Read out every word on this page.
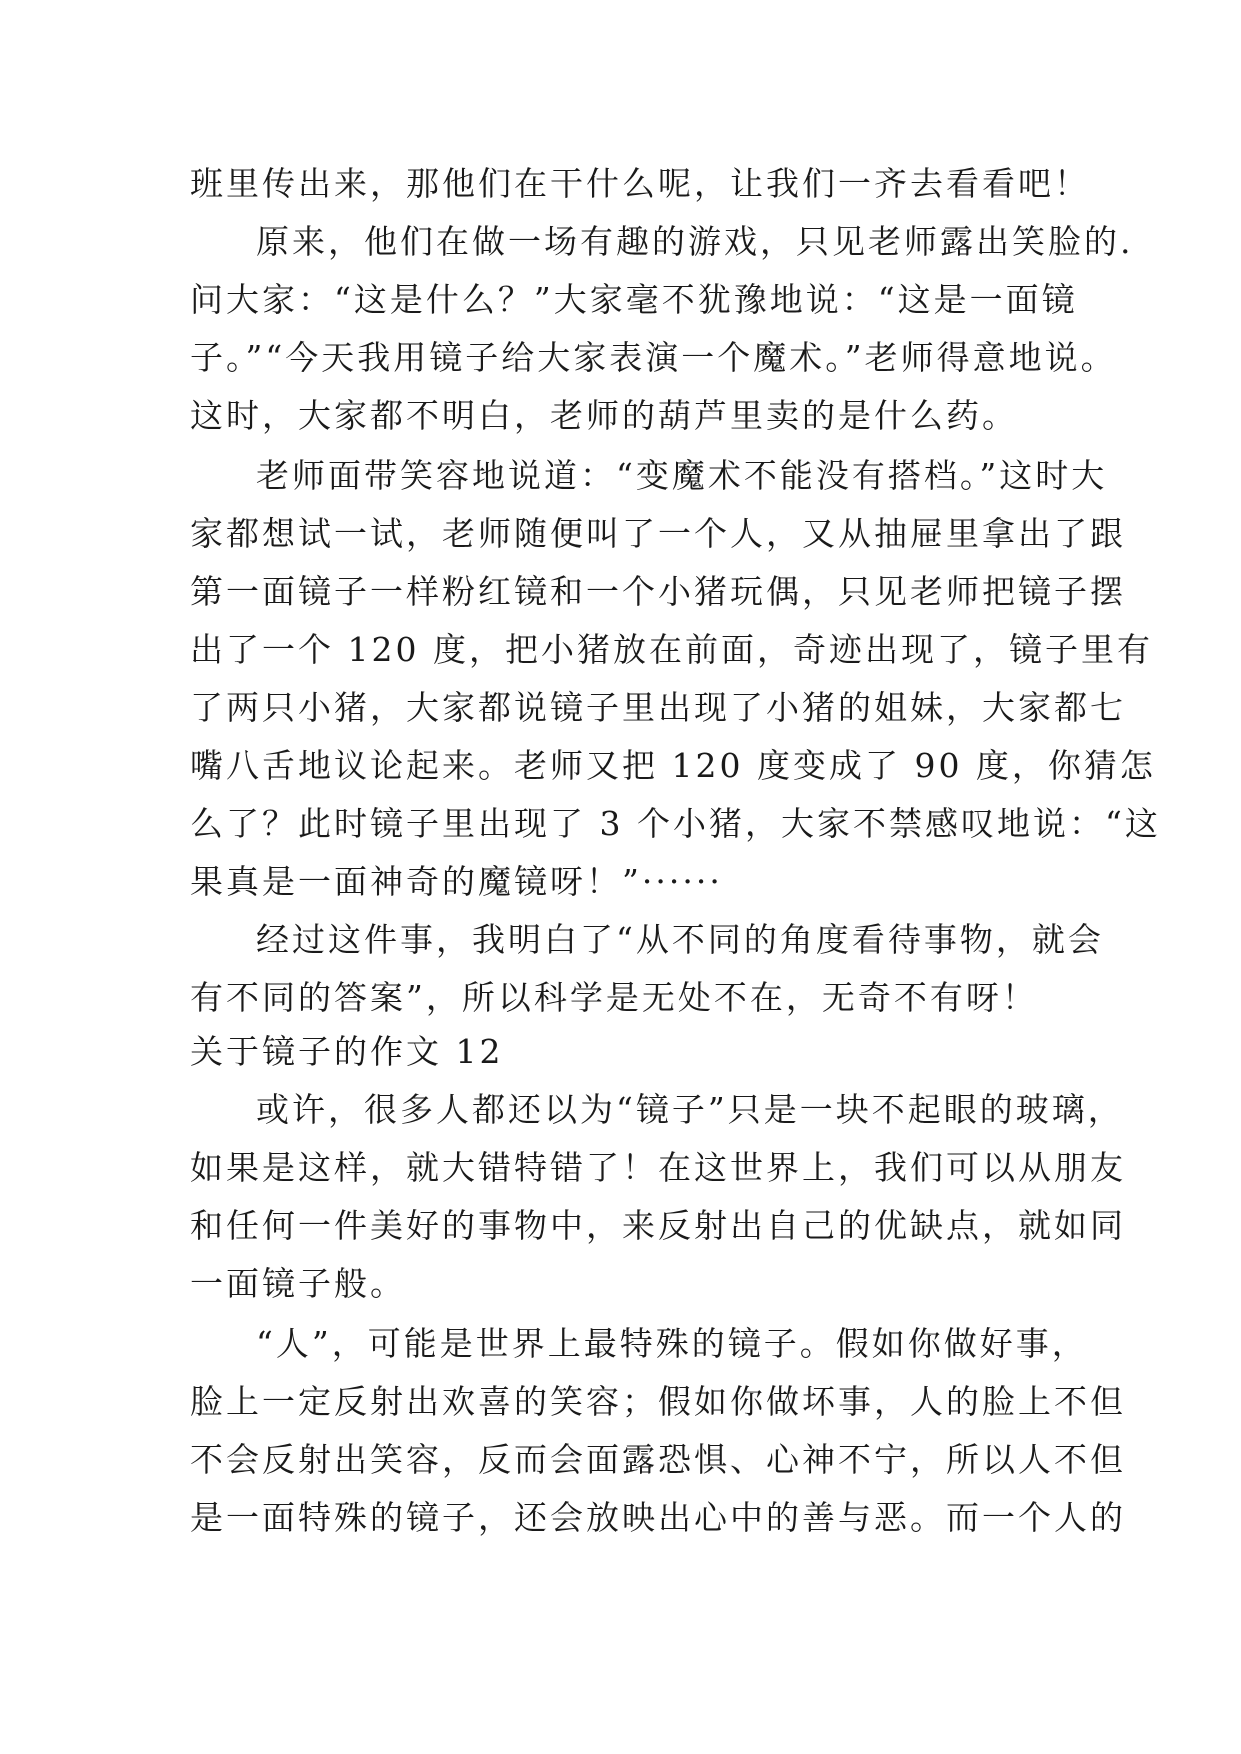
班里传出来，那他们在干什么呢，让我们一齐去看看吧！
原来，他们在做一场有趣的游戏，只见老师露出笑脸的.
问大家：“这是什么？”大家毫不犹豫地说：“这是一面镜
子。”“今天我用镜子给大家表演一个魔术。”老师得意地说。
这时，大家都不明白，老师的葫芦里卖的是什么药。
老师面带笑容地说道：“变魔术不能没有搭档。”这时大
家都想试一试，老师随便叫了一个人，又从抽屉里拿出了跟
第一面镜子一样粉红镜和一个小猪玩偶，只见老师把镜子摆
出了一个 120 度，把小猪放在前面，奇迹出现了，镜子里有
了两只小猪，大家都说镜子里出现了小猪的姐妹，大家都七
嘴八舌地议论起来。老师又把 120 度变成了 90 度，你猜怎
么了？此时镜子里出现了 3 个小猪，大家不禁感叹地说：“这
果真是一面神奇的魔镜呀！”······
经过这件事，我明白了“从不同的角度看待事物，就会
有不同的答案”，所以科学是无处不在，无奇不有呀！
关于镜子的作文 12
或许，很多人都还以为“镜子”只是一块不起眼的玻璃，
如果是这样，就大错特错了！在这世界上，我们可以从朋友
和任何一件美好的事物中，来反射出自己的优缺点，就如同
一面镜子般。
“人”，可能是世界上最特殊的镜子。假如你做好事，
脸上一定反射出欢喜的笑容；假如你做坏事，人的脸上不但
不会反射出笑容，反而会面露恐惧、心神不宁，所以人不但
是一面特殊的镜子，还会放映出心中的善与恶。而一个人的
